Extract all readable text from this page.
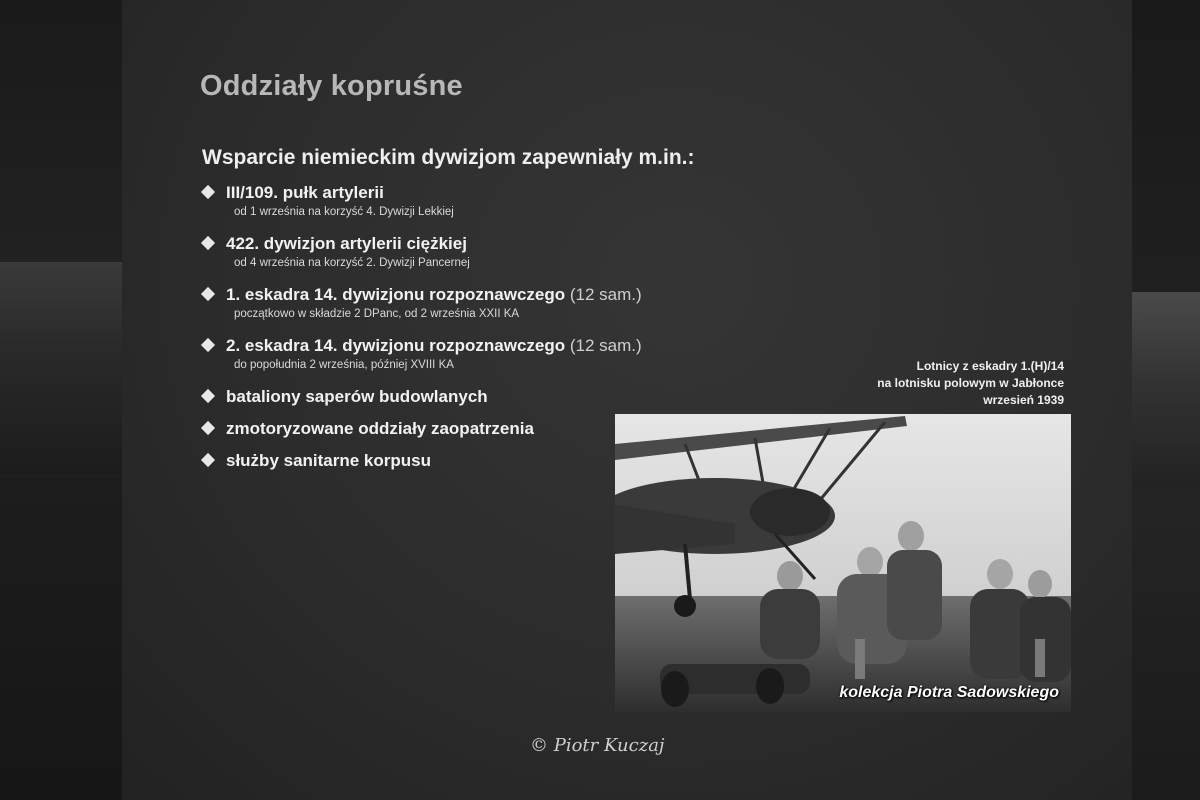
Oddziały kopruśne
Wsparcie niemieckim dywizjom zapewniały m.in.:
III/109. pułk artylerii
od 1 września na korzyść 4. Dywizji Lekkiej
422. dywizjon artylerii ciężkiej
od 4 września na korzyść 2. Dywizji Pancernej
1. eskadra 14. dywizjonu rozpoznawczego (12 sam.)
początkowo w składzie 2 DPanc, od 2 września XXII KA
2. eskadra 14. dywizjonu rozpoznawczego (12 sam.)
do popołudnia 2 września, później XVIII KA
bataliony saperów budowlanych
zmotoryzowane oddziały zaopatrzenia
służby sanitarne korpusu
Lotnicy z eskadry 1.(H)/14
na lotnisku polowym w Jabłonce
wrzesień 1939
kolekcja Piotra Sadowskiego
© Piotr Kuczaj
